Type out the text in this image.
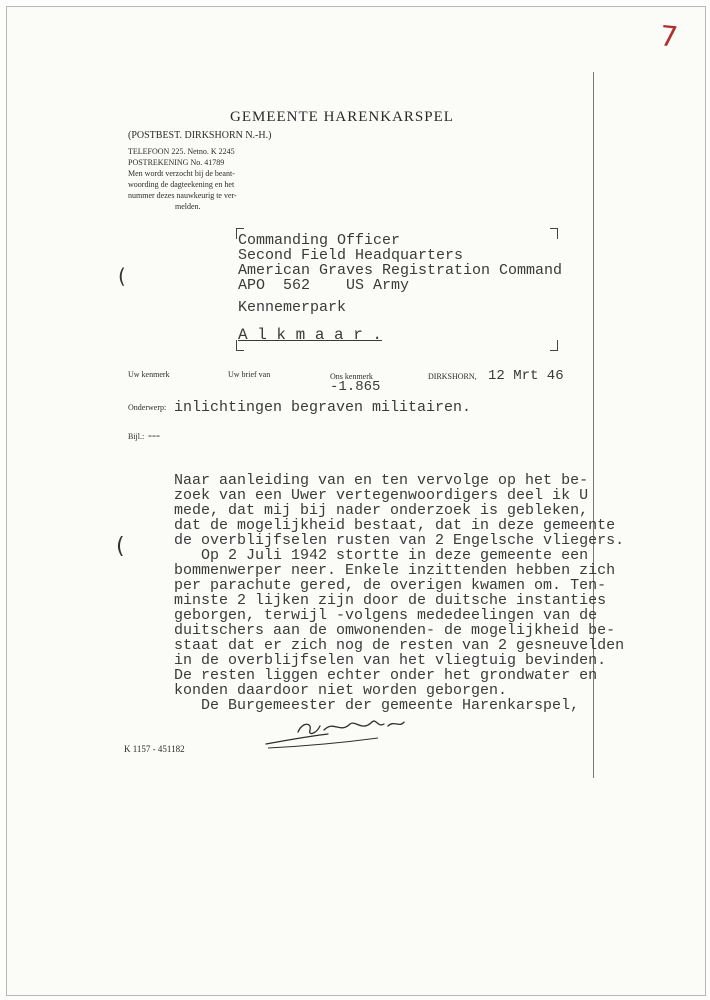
7
GEMEENTE HARENKARSPEL
(POSTBEST. DIRKSHORN N.-H.)
TELEFOON 225. Netno. K 2245
POSTREKENING No. 41789
Men wordt verzocht bij de beant-
woording de dagteekening en het
nummer dezes nauwkeurig te ver-
melden.
Commanding Officer
Second Field Headquarters
American Graves Registration Command
APO  562    US Army
Kennemerpark
A l k m a a r .
(
(
Uw kenmerk	Uw brief van	Ons kenmerk
-1.865
DIRKSHORN, 12 Mrt 46
Onderwerp: inlichtingen begraven militairen.
Bijl.: ---
Naar aanleiding van en ten vervolge op het be-
zoek van een Uwer vertegenwoordigers deel ik U
mede, dat mij bij nader onderzoek is gebleken,
dat de mogelijkheid bestaat, dat in deze gemeente
de overblijfselen rusten van 2 Engelsche vliegers.
Op 2 Juli 1942 stortte in deze gemeente een
bommenwerper neer. Enkele inzittenden hebben zich
per parachute gered, de overigen kwamen om. Ten-
minste 2 lijken zijn door de duitsche instanties
geborgen, terwijl -volgens mededeelingen van de
duitschers aan de omwonenden- de mogelijkheid be-
staat dat er zich nog de resten van 2 gesneuvelden
in de overblijfselen van het vliegtuig bevinden.
De resten liggen echter onder het grondwater en
konden daardoor niet worden geborgen.
De Burgemeester der gemeente Harenkarspel,
K 1157 - 451182
